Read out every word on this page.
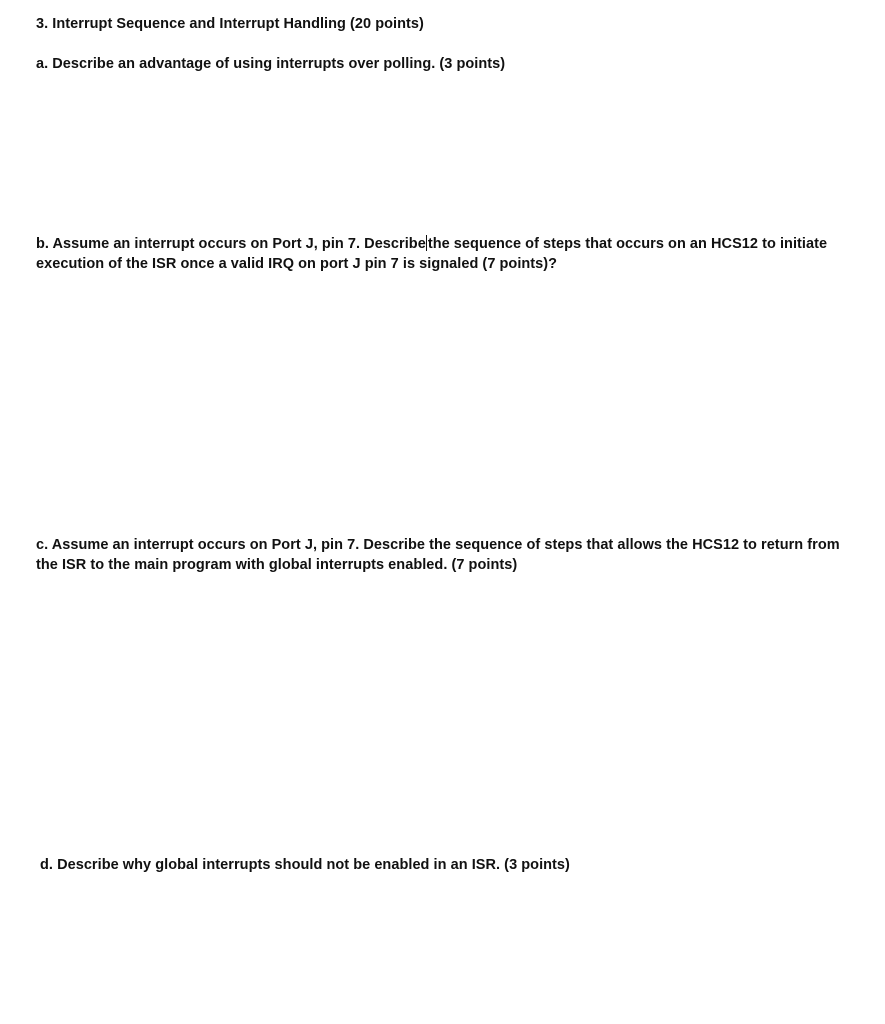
3. Interrupt Sequence and Interrupt Handling (20 points)

a. Describe an advantage of using interrupts over polling. (3 points)

b. Assume an interrupt occurs on Port J, pin 7. Describe the sequence of steps that occurs on an HCS12 to initiate

execution of the ISR once a valid IRQ on port J pin 7 is signaled (7 points)?

c. Assume an interrupt occurs on Port J, pin 7. Describe the sequence of steps that allows the HCS12 to return from

the ISR to the main program with global interrupts enabled. (7 points)

d. Describe why global interrupts should not be enabled in an ISR. (3 points)
